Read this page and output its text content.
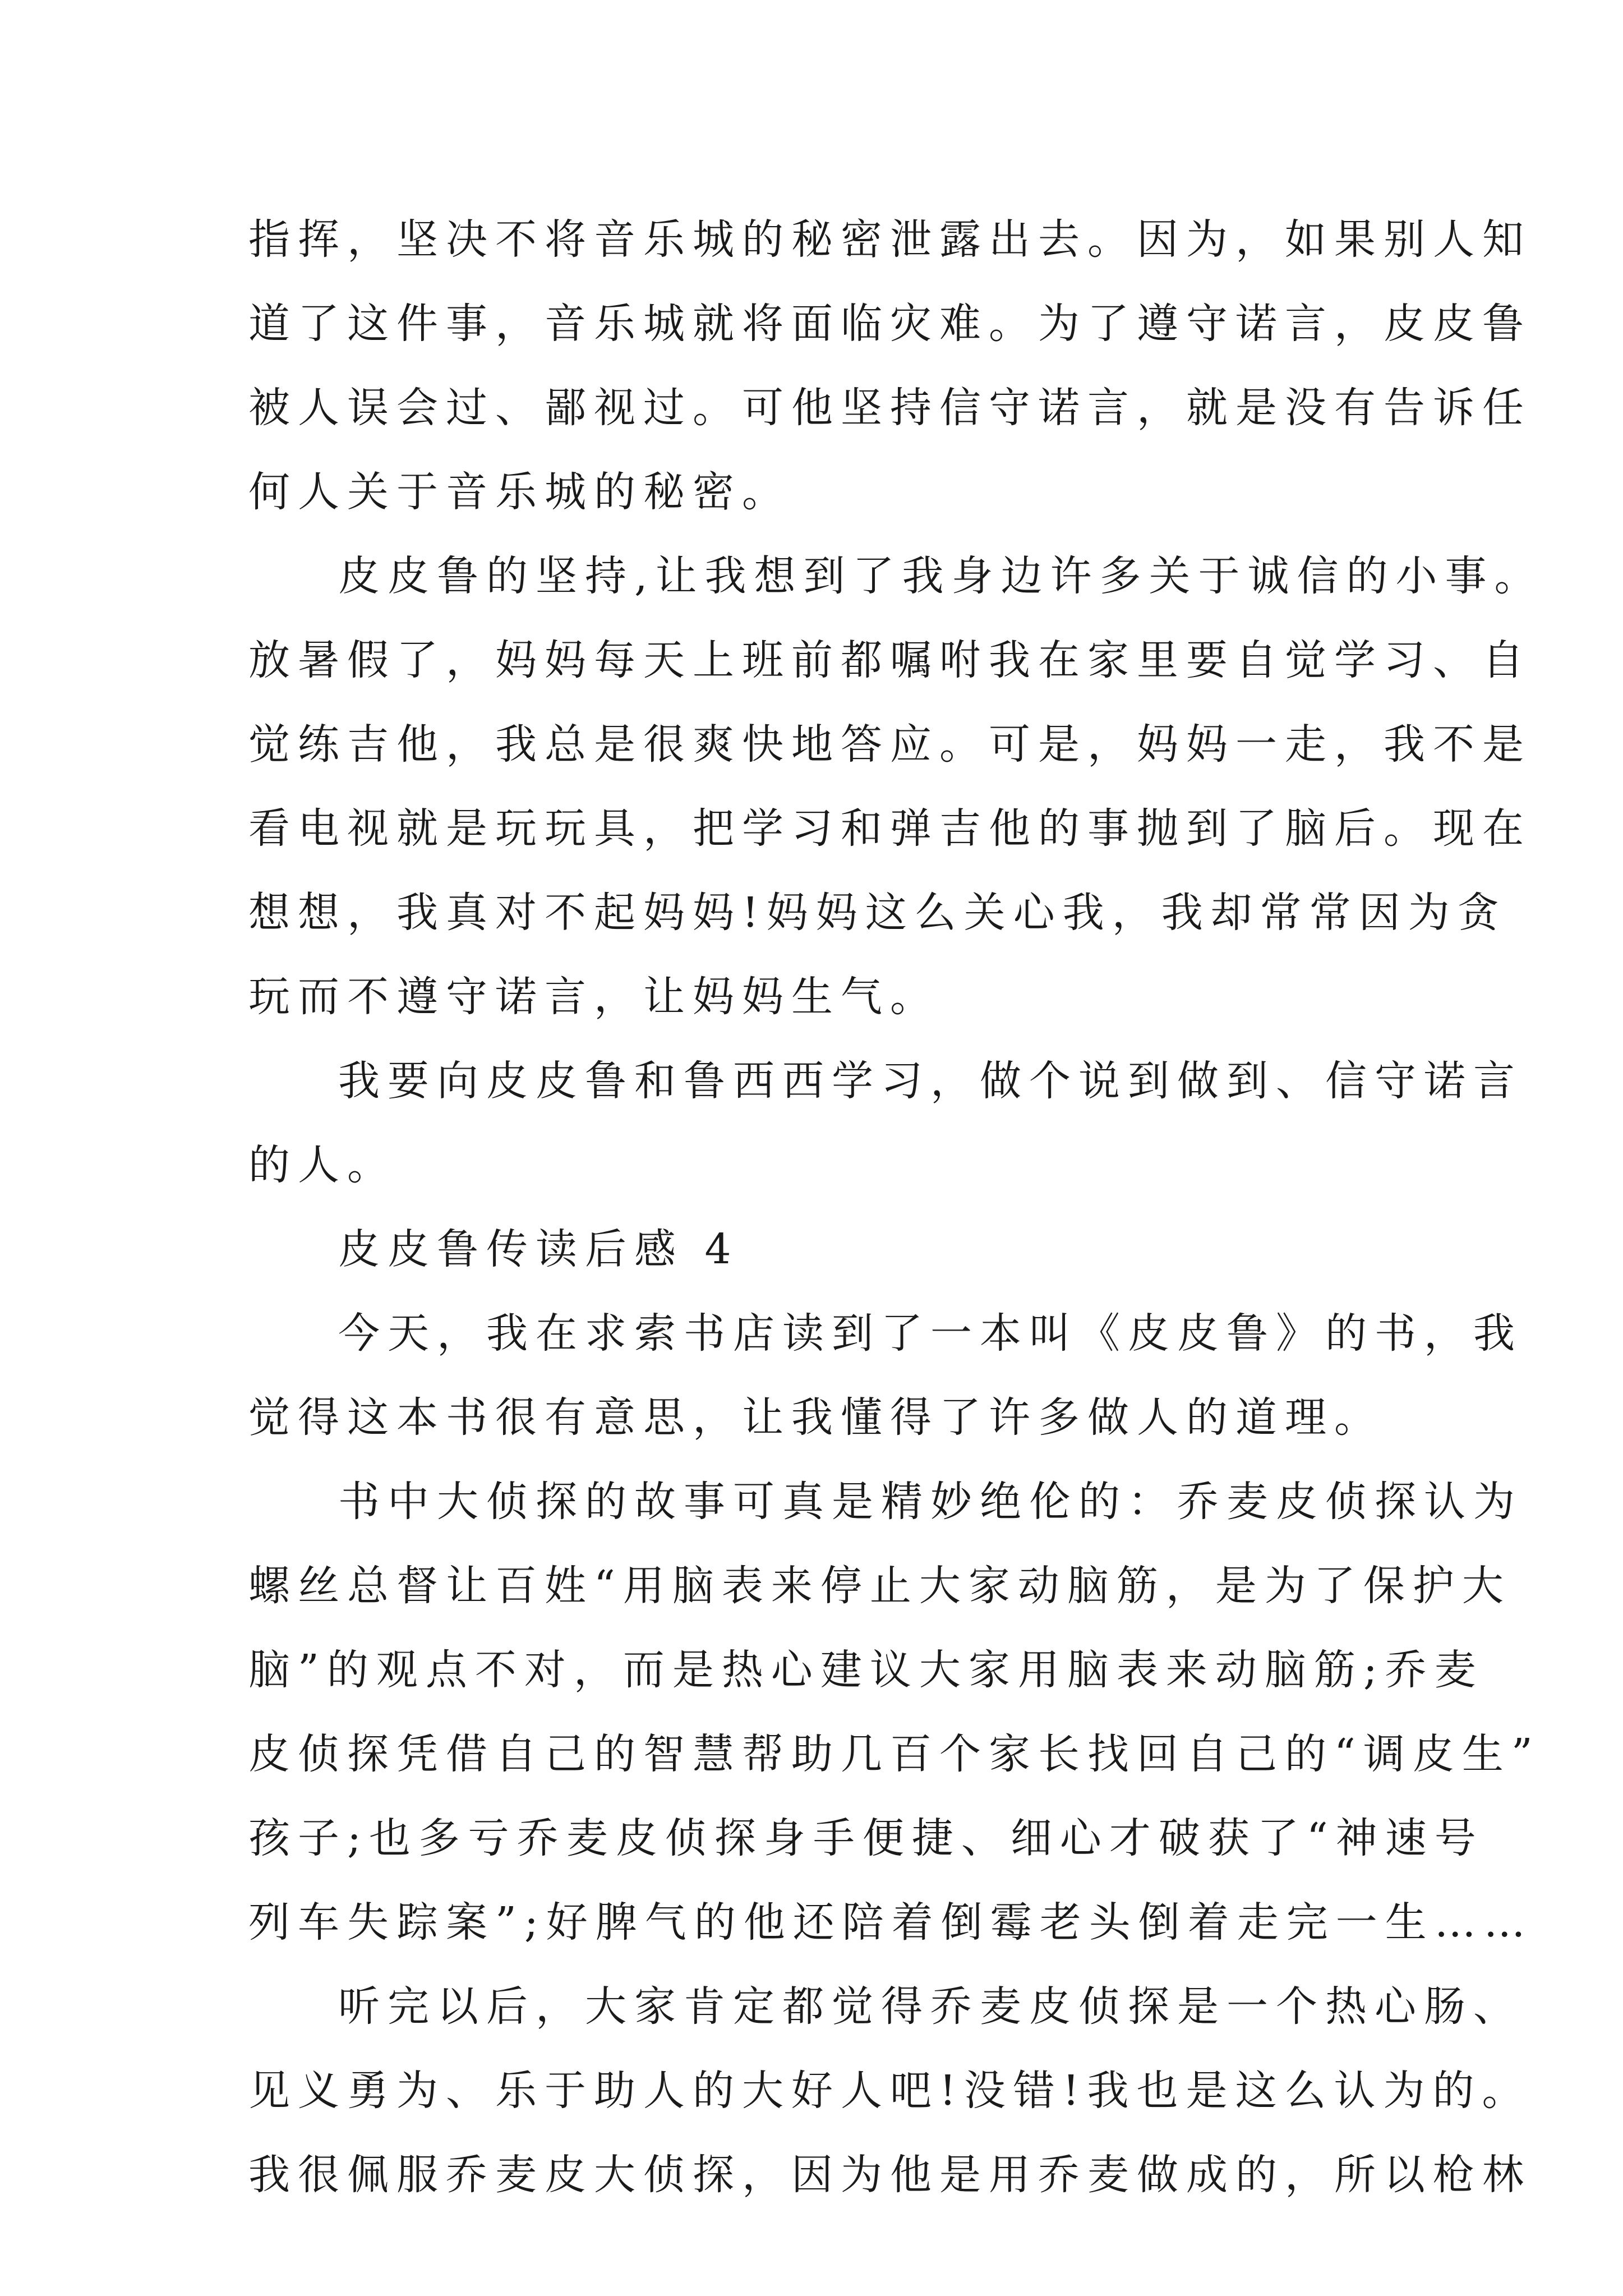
指挥，坚决不将音乐城的秘密泄露出去。因为，如果别人知
道了这件事，音乐城就将面临灾难。为了遵守诺言，皮皮鲁
被人误会过、鄙视过。可他坚持信守诺言，就是没有告诉任
何人关于音乐城的秘密。
皮皮鲁的坚持,让我想到了我身边许多关于诚信的小事。
放暑假了，妈妈每天上班前都嘱咐我在家里要自觉学习、自
觉练吉他，我总是很爽快地答应。可是，妈妈一走，我不是
看电视就是玩玩具，把学习和弹吉他的事抛到了脑后。现在
想想，我真对不起妈妈!妈妈这么关心我，我却常常因为贪
玩而不遵守诺言，让妈妈生气。
我要向皮皮鲁和鲁西西学习，做个说到做到、信守诺言
的人。
皮皮鲁传读后感 4
今天，我在求索书店读到了一本叫《皮皮鲁》的书，我
觉得这本书很有意思，让我懂得了许多做人的道理。
书中大侦探的故事可真是精妙绝伦的：乔麦皮侦探认为
螺丝总督让百姓“用脑表来停止大家动脑筋，是为了保护大
脑”的观点不对，而是热心建议大家用脑表来动脑筋;乔麦
皮侦探凭借自己的智慧帮助几百个家长找回自己的“调皮生”
孩子;也多亏乔麦皮侦探身手便捷、细心才破获了“神速号
列车失踪案”;好脾气的他还陪着倒霉老头倒着走完一生……
听完以后，大家肯定都觉得乔麦皮侦探是一个热心肠、
见义勇为、乐于助人的大好人吧!没错!我也是这么认为的。
我很佩服乔麦皮大侦探，因为他是用乔麦做成的，所以枪林
